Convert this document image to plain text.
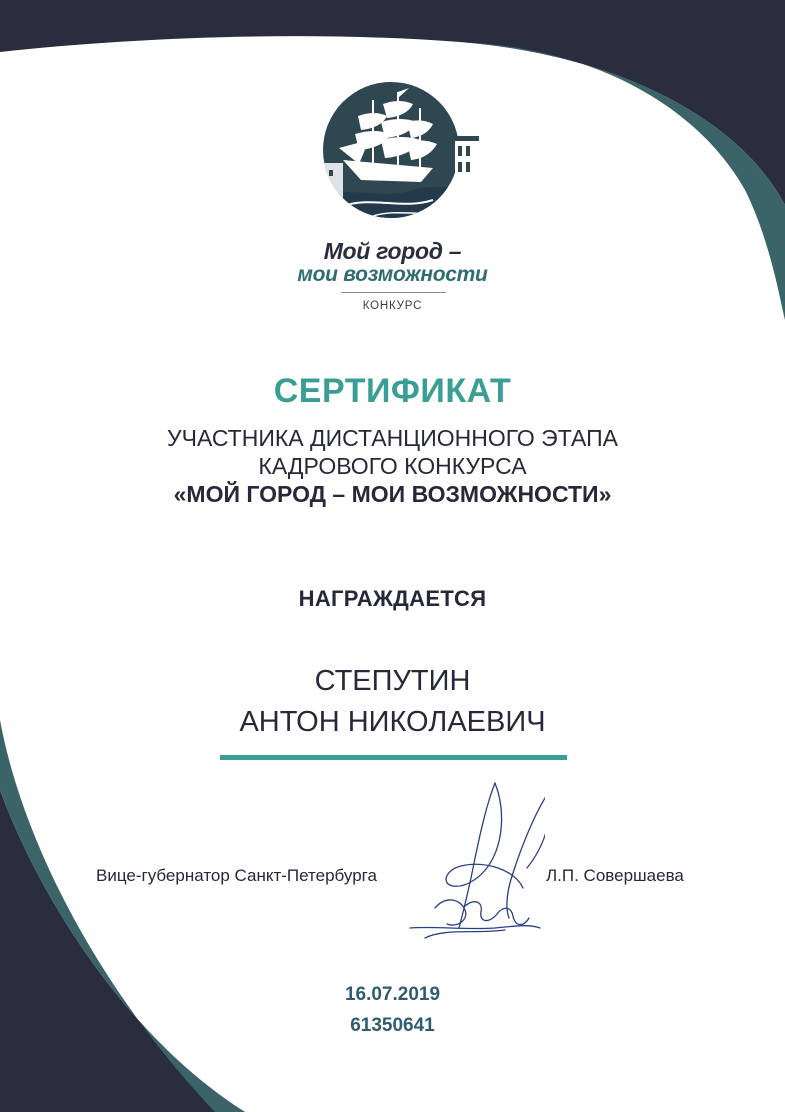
Мой город –
мои возможности
КОНКУРС
СЕРТИФИКАТ
УЧАСТНИКА ДИСТАНЦИОННОГО ЭТАПА
КАДРОВОГО КОНКУРСА
«МОЙ ГОРОД – МОИ ВОЗМОЖНОСТИ»
НАГРАЖДАЕТСЯ
СТЕПУТИН
АНТОН НИКОЛАЕВИЧ
Вице-губернатор Санкт-Петербурга	Л.П. Совершаева
16.07.2019
61350641
